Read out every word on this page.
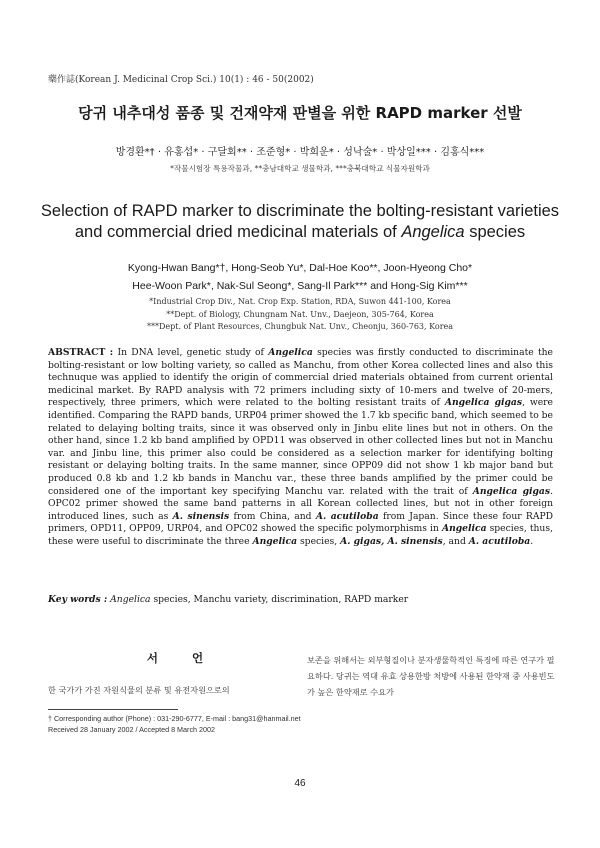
藥作誌(Korean J. Medicinal Crop Sci.) 10(1) : 46 - 50(2002)
당귀 내추대성 품종 및 건재약재 판별을 위한 RAPD marker 선발
방경환*† · 유홍섭* · 구달회** · 조준형* · 박희운* · 성낙술* · 박상일*** · 김홍식***
*작물시험장 특용작물과, **충남대학교 생물학과, ***충북대학교 식물자원학과
Selection of RAPD marker to discriminate the bolting-resistant varieties and commercial dried medicinal materials of Angelica species
Kyong-Hwan Bang*†, Hong-Seob Yu*, Dal-Hoe Koo**, Joon-Hyeong Cho*
Hee-Woon Park*, Nak-Sul Seong*, Sang-Il Park*** and Hong-Sig Kim***
*Industrial Crop Div., Nat. Crop Exp. Station, RDA, Suwon 441-100, Korea
**Dept. of Biology, Chungnam Nat. Unv., Daejeon, 305-764, Korea
***Dept. of Plant Resources, Chungbuk Nat. Unv., Cheonju, 360-763, Korea
ABSTRACT : In DNA level, genetic study of Angelica species was firstly conducted to discriminate the bolting-resistant or low bolting variety, so called as Manchu, from other Korea collected lines and also this technuque was applied to identify the origin of commercial dried materials obtained from current oriental medicinal market. By RAPD analysis with 72 primers including sixty of 10-mers and twelve of 20-mers, respectively, three primers, which were related to the bolting resistant traits of Angelica gigas, were identified. Comparing the RAPD bands, URP04 primer showed the 1.7 kb specific band, which seemed to be related to delaying bolting traits, since it was observed only in Jinbu elite lines but not in others. On the other hand, since 1.2 kb band amplified by OPD11 was observed in other collected lines but not in Manchu var. and Jinbu line, this primer also could be considered as a selection marker for identifying bolting resistant or delaying bolting traits. In the same manner, since OPP09 did not show 1 kb major band but produced 0.8 kb and 1.2 kb bands in Manchu var., these three bands amplified by the primer could be considered one of the important key specifying Manchu var. related with the trait of Angelica gigas. OPC02 primer showed the same band patterns in all Korean collected lines, but not in other foreign introduced lines, such as A. sinensis from China, and A. acutiloba from Japan. Since these four RAPD primers, OPD11, OPP09, URP04, and OPC02 showed the specific polymorphisms in Angelica species, thus, these were useful to discriminate the three Angelica species, A. gigas, A. sinensis, and A. acutiloba.
Key words : Angelica species, Manchu variety, discrimination, RAPD marker
서 언
한 국가가 가진 자원식물의 분류 및 유전자원으로의
보존을 위해서는 외부형질이나 분자생물학적인 특징에 따른 연구가 필요하다. 당귀는 역대 유효 상용한방 처방에 사용된 한약재 중 사용빈도가 높은 한약재로 수요가
† Corresponding author (Phone) : 031-290-6777, E-mail : bang31@hanmail.net
Received 28 January 2002 / Accepted 8 March 2002
46
